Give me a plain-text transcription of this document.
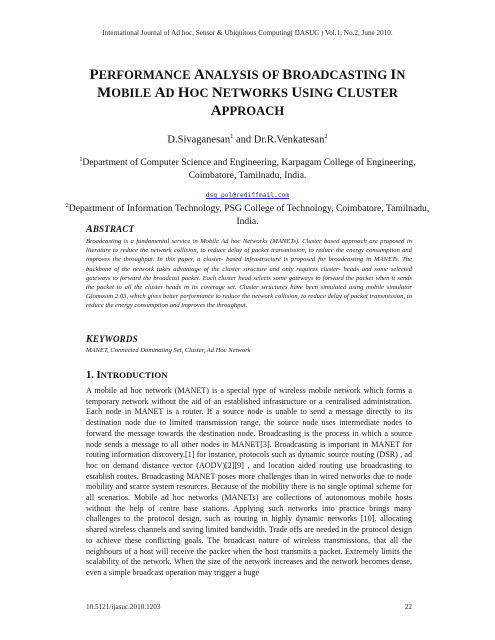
International Journal of Ad hoc, Sensor & Ubiquitous Computing( IJASUC ) Vol.1, No.2, June 2010.
PERFORMANCE ANALYSIS OF BROADCASTING IN
MOBILE AD HOC NETWORKS USING CLUSTER
APPROACH
D.Sivaganesan$^1$ and Dr.R.Venkatesan$^2$
$^1$Department of Computer Science and Engineering, Karpagam College of Engineering, Coimbatore, Tamilnadu, India.
dsg_pol@rediffmail.com
$^2$Department of Information Technology, PSG College of Technology, Coimbatore, Tamilnadu, India.
ABSTRACT
Broadcasting is a fundamental service in Mobile Ad hoc Networks (MANETs). Cluster based approach are proposed in literature to reduce the network collision, to reduce delay of packet transmission, to reduce the energy consumption and improves the throughput. In this paper, a cluster- based infrastructure is proposed for broadcasting in MANETs. The backbone of the network takes advantage of the cluster structure and only requires cluster- heads and some selected gateways to forward the broadcast packet. Each cluster head selects some gateways to forward the packet when it sends the packet to all the cluster heads in its coverage set. Cluster structures have been simulated using mobile simulator Glomosim 2.03, which gives better performance to reduce the network collision, to reduce delay of packet transmission, to reduce the energy consumption and improves the throughput.
KEYWORDS
MANET, Connected Dominating Set, Cluster, Ad Hoc Network
1. INTRODUCTION
A mobile ad hoc network (MANET) is a special type of wireless mobile network which forms a temporary network without the aid of an established infrastructure or a centralised administration. Each node in MANET is a router. If a source node is unable to send a message directly to its destination node due to limited transmission range, the source node uses intermediate nodes to forward the message towards the destination node. Broadcasting is the process in which a source node sends a message to all other nodes in MANET[3]. Broadcasting is important in MANET for routing information discovery.[1] for instance, protocols such as dynamic source routing (DSR) , ad hoc on demand distance vector (AODV)[2][9] , and location aided routing use broadcasting to establish routes. Broadcasting MANET poses more challenges than in wired networks due to node mobility and scarce system resources. Because of the mobility there is no single optimal scheme for all scenarios. Mobile ad hoc networks (MANETs) are collections of autonomous mobile hosts without the help of centre base stations. Applying such networks into practice brings many challenges to the protocol design, such as routing in highly dynamic networks [10], allocating shared wireless channels and saving limited bandwidth. Trade offs are needed in the protocol design to achieve these conflicting goals. The broadcast nature of wireless transmissions, that all the neighbours of a host will receive the packet when the host transmits a packet. Extremely limits the scalability of the network. When the size of the network increases and the network becomes dense, even a simple broadcast operation may trigger a huge
10.5121/ijasuc.2010.1203	22
